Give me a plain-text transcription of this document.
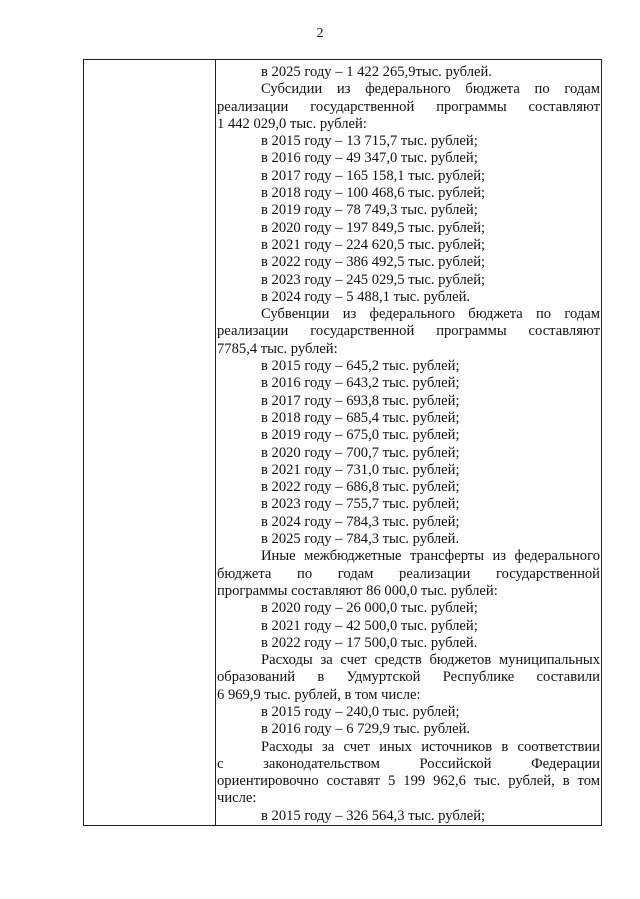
2
в 2025 году – 1 422 265,9тыс. рублей.
Субсидии из федерального бюджета по годам
реализации государственной программы составляют
1 442 029,0 тыс. рублей:
в 2015 году – 13 715,7 тыс. рублей;
в 2016 году – 49 347,0 тыс. рублей;
в 2017 году – 165 158,1 тыс. рублей;
в 2018 году – 100 468,6 тыс. рублей;
в 2019 году – 78 749,3 тыс. рублей;
в 2020 году – 197 849,5 тыс. рублей;
в 2021 году – 224 620,5 тыс. рублей;
в 2022 году – 386 492,5 тыс. рублей;
в 2023 году – 245 029,5 тыс. рублей;
в 2024 году – 5 488,1 тыс. рублей.
Субвенции из федерального бюджета по годам
реализации государственной программы составляют
7785,4 тыс. рублей:
в 2015 году – 645,2 тыс. рублей;
в 2016 году – 643,2 тыс. рублей;
в 2017 году – 693,8 тыс. рублей;
в 2018 году – 685,4 тыс. рублей;
в 2019 году – 675,0 тыс. рублей;
в 2020 году – 700,7 тыс. рублей;
в 2021 году – 731,0 тыс. рублей;
в 2022 году – 686,8 тыс. рублей;
в 2023 году – 755,7 тыс. рублей;
в 2024 году – 784,3 тыс. рублей;
в 2025 году – 784,3 тыс. рублей.
Иные межбюджетные трансферты из федерального
бюджета по годам реализации государственной
программы составляют 86 000,0 тыс. рублей:
в 2020 году – 26 000,0 тыс. рублей;
в 2021 году – 42 500,0 тыс. рублей;
в 2022 году – 17 500,0 тыс. рублей.
Расходы за счет средств бюджетов муниципальных
образований в Удмуртской Республике составили
6 969,9 тыс. рублей, в том числе:
в 2015 году – 240,0 тыс. рублей;
в 2016 году – 6 729,9 тыс. рублей.
Расходы за счет иных источников в соответствии
с законодательством Российской Федерации
ориентировочно составят 5 199 962,6 тыс. рублей, в том
числе:
в 2015 году – 326 564,3 тыс. рублей;
